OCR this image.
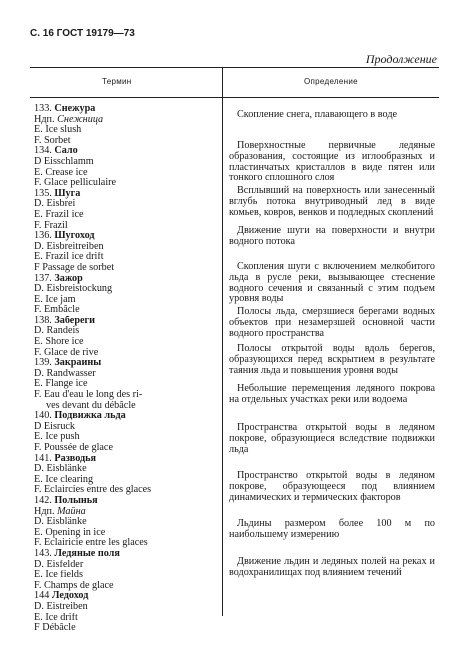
С. 16 ГОСТ 19179—73
Продолжение
Термин	Определение
133. Снежура
Ндп. Снежница
E. Ice slush
F. Sorbet
134. Сало
D Eisschlamm
E. Crease ice
F. Glace pelliculaire
135. Шуга
D. Eisbrei
E. Frazil ice
F. Frazil
136. Шугоход
D. Eisbreitreiben
E. Frazil ice drift
F Passage de sorbet
137. Зажор
D. Eisbreistockung
E. Ice jam
F. Embâcle
138. Забереги
D. Randeis
E. Shore ice
F. Glace de rive
139. Закраины
D. Randwasser
E. Flange ice
F. Eau d'eau le long des ri-
ves devant du débâcle
140. Подвижка льда
D Eisruck
E. Ice push
F. Poussée de glace
141. Разводья
D. Eisblänke
E. Ice clearing
F. Eclaircies entre des glaces
142. Полынья
Ндп. Майна
D. Eisblänke
E. Opening in ice
F. Eclairicie entre les glaces
143. Ледяные поля
D. Eisfelder
E. Ice fields
F. Champs de glace
144 Ледоход
D. Eistreiben
E. Ice drift
F Débâcle

Скопление снега, плавающего в воде

Поверхностные первичные ледяные образования, состоящие из иглообразных и пластинчатых кристаллов в виде пятен или тонкого сплошного слоя

Всплывший на поверхность или занесенный вглубь потока внутриводный лед в виде комьев, ковров, венков и подледных скоплений

Движение шуги на поверхности и внутри водного потока

Скопления шуги с включением мелкобитого льда в русле реки, вызывающее стеснение водного сечения и связанный с этим подъем уровня воды

Полосы льда, смерзшиеся берегами водных объектов при незамерзшей основной части водного пространства

Полосы открытой воды вдоль берегов, образующихся перед вскрытием в результате таяния льда и повышения уровня воды

Небольшие перемещения ледяного покрова на отдельных участках реки или водоема

Пространства открытой воды в ледяном покрове, образующиеся вследствие подвижки льда

Пространство открытой воды в ледяном покрове, образующееся под влиянием динамических и термических факторов

Льдины размером более 100 м по наибольшему измерению

Движение льдин и ледяных полей на реках и водохранилищах под влиянием течений
